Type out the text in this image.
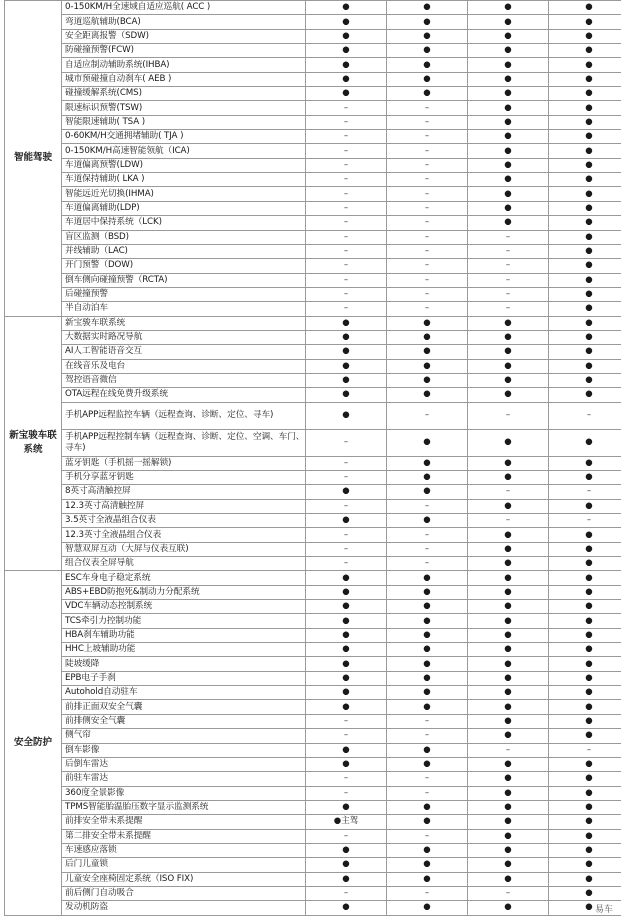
智能驾驶	0-150KM/H全速域自适应巡航( ACC )	●	●	●	●
	弯道巡航辅助(BCA)	●	●	●	●
	安全距离报警（SDW)	●	●	●	●
	防碰撞预警(FCW)	●	●	●	●
	自适应制动辅助系统(IHBA)	●	●	●	●
	城市预碰撞自动刹车( AEB )	●	●	●	●
	碰撞缓解系统(CMS)	●	●	●	●
	限速标识预警(TSW)	–	–	●	●
	智能限速辅助( TSA )	–	–	●	●
	0-60KM/H交通拥堵辅助( TJA )	–	–	●	●
	0-150KM/H高速智能领航（ICA)	–	–	●	●
	车道偏离预警(LDW)	–	–	●	●
	车道保持辅助( LKA )	–	–	●	●
	智能远近光切换(IHMA)	–	–	●	●
	车道偏离辅助(LDP)	–	–	●	●
	车道居中保持系统（LCK)	–	–	●	●
	盲区监测（BSD)	–	–	–	●
	并线辅助（LAC)	–	–	–	●
	开门预警（DOW)	–	–	–	●
	倒车侧向碰撞预警（RCTA)	–	–	–	●
	后碰撞预警	–	–	–	●
	半自动泊车	–	–	–	●
新宝骏车联系统	新宝骏车联系统	●	●	●	●
	大数据实时路况导航	●	●	●	●
	AI人工智能语音交互	●	●	●	●
	在线音乐及电台	●	●	●	●
	驾控语音微信	●	●	●	●
	OTA远程在线免费升级系统	●	●	●	●
	手机APP远程监控车辆（远程查询、诊断、定位、寻车)	●	–	–	–
	手机APP远程控制车辆（远程查询、诊断、定位、空调、车门、寻车)	–	●	●	●
	蓝牙钥匙（手机摇一摇解锁)	–	●	●	●
	手机分享蓝牙钥匙	–	●	●	●
	8英寸高清触控屏	●	●	–	–
	12.3英寸高清触控屏	–	–	●	●
	3.5英寸全液晶组合仪表	●	●	–	–
	12.3英寸全液晶组合仪表	–	–	●	●
	智慧双屏互动（大屏与仪表互联)	–	–	●	●
	组合仪表全屏导航	–	–	●	●
安全防护	ESC车身电子稳定系统	●	●	●	●
	ABS+EBD防抱死&制动力分配系统	●	●	●	●
	VDC车辆动态控制系统	●	●	●	●
	TCS牵引力控制功能	●	●	●	●
	HBA刹车辅助功能	●	●	●	●
	HHC上坡辅助功能	●	●	●	●
	陡坡缓降	●	●	●	●
	EPB电子手刹	●	●	●	●
	Autohold自动驻车	●	●	●	●
	前排正面双安全气囊	●	●	●	●
	前排侧安全气囊	–	–	●	●
	侧气帘	–	–	●	●
	倒车影像	●	●	–	–
	后倒车雷达	●	●	●	●
	前驻车雷达	–	–	●	●
	360度全景影像	–	–	●	●
	TPMS智能胎温胎压数字显示监测系统	●	●	●	●
	前排安全带未系提醒	●主驾	●	●	●
	第二排安全带未系提醒	–	–	●	●
	车速感应落锁	●	●	●	●
	后门儿童锁	●	●	●	●
	儿童安全座椅固定系统（ISO FIX)	●	●	●	●
	前后侧门自动吸合	–	–	–	●
	发动机防盗	●	●	●	● 易车
